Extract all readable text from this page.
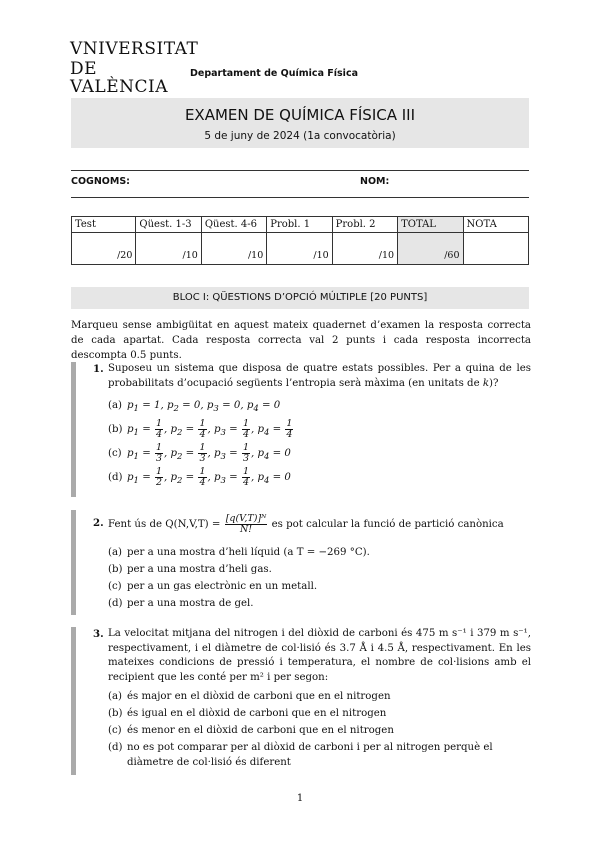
VNIVERSITAT
DE VALÈNCIA
Departament de Química Física
EXAMEN DE QUÍMICA FÍSICA III
5 de juny de 2024 (1a convocatòria)
COGNOMS:	NOM:
Test	Qüest. 1-3	Qüest. 4-6	Probl. 1	Probl. 2	TOTAL	NOTA
/20	/10	/10	/10	/10	/60	
BLOC I: QÜESTIONS D’OPCIÓ MÚLTIPLE [20 PUNTS]
Marqueu sense ambigüitat en aquest mateix quadernet d’examen la resposta correcta de cada apartat. Cada resposta correcta val 2 punts i cada resposta incorrecta descompta 0.5 punts.
1. Suposeu un sistema que disposa de quatre estats possibles. Per a quina de les probabilitats d’ocupació següents l’entropia serà màxima (en unitats de k)?
(a) $p_1 = 1$, $p_2 = 0$, $p_3 = 0$, $p_4 = 0$
(b) $p_1 = \frac{1}{4}$ , $p_2 = \frac{1}{4}$ , $p_3 = \frac{1}{4}$ , $p_4 = \frac{1}{4}$
(c) $p_1 = \frac{1}{3}$ , $p_2 = \frac{1}{3}$ , $p_3 = \frac{1}{3}$ , $p_4 = 0$
(d) $p_1 = \frac{1}{2}$ , $p_2 = \frac{1}{4}$ , $p_3 = \frac{1}{4}$ , $p_4 = 0$
2. Fent ús de $Q(N,V,T) = \frac{\text{[q(V,T)]ᴺ}}{N!}$ es pot calcular la funció de partició canònica
(a) per a una mostra d’heli líquid (a T = −269 °C).
(b) per a una mostra d’heli gas.
(c) per a un gas electrònic en un metall.
(d) per a una mostra de gel.
3. La velocitat mitjana del nitrogen i del diòxid de carboni és 475 m s⁻¹ i 379 m s⁻¹, respectivament, i el diàmetre de col·lisió és 3.7 Å i 4.5 Å, respectivament. En les mateixes condicions de pressió i temperatura, el nombre de col·lisions amb el recipient que les conté per m² i per segon:
(a) és major en el diòxid de carboni que en el nitrogen
(b) és igual en el diòxid de carboni que en el nitrogen
(c) és menor en el diòxid de carboni que en el nitrogen
(d) no es pot comparar per al diòxid de carboni i per al nitrogen perquè el diàmetre de col·lisió és diferent
1
